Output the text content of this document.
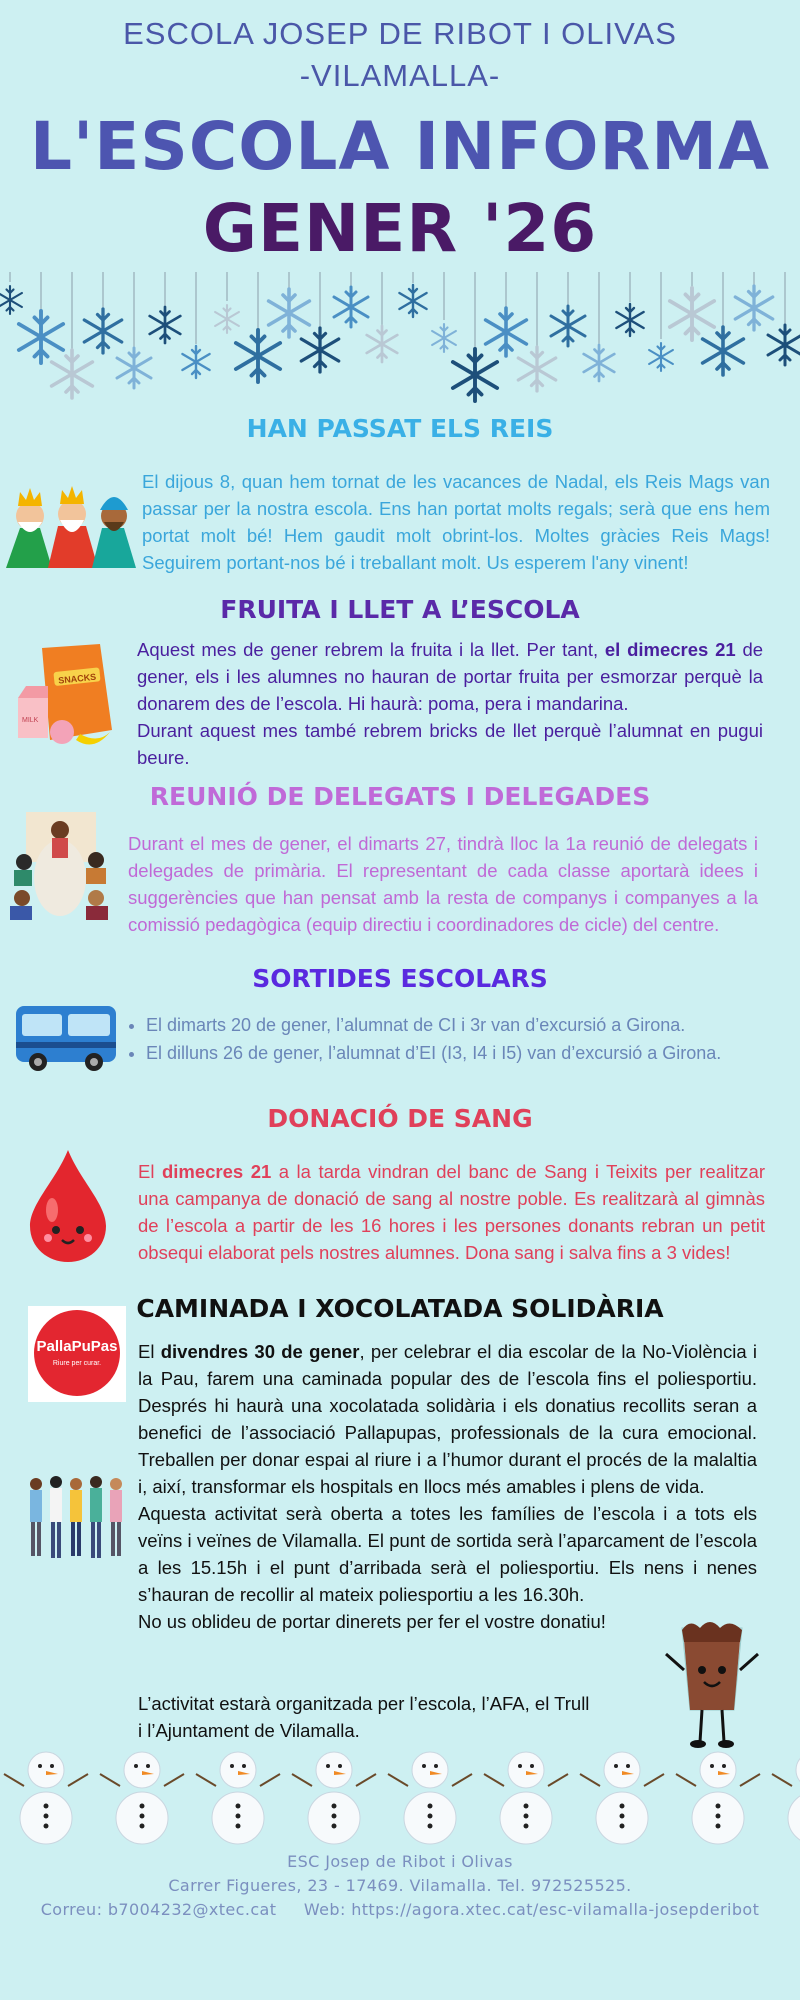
ESCOLA JOSEP DE RIBOT I OLIVAS
-VILAMALLA-
L'ESCOLA INFORMA
GENER '26
HAN PASSAT ELS REIS
El dijous 8, quan hem tornat de les vacances de Nadal, els Reis Mags van passar per la nostra escola. Ens han portat molts regals; serà que ens hem portat molt bé! Hem gaudit molt obrint-los. Moltes gràcies Reis Mags! Seguirem portant-nos bé i treballant molt. Us esperem l'any vinent!
FRUITA I LLET A L’ESCOLA
SNACKS
MILK
Aquest mes de gener rebrem la fruita i la llet. Per tant, el dimecres 21 de gener, els i les alumnes no hauran de portar fruita per esmorzar perquè la donarem des de l’escola. Hi haurà: poma, pera i mandarina.
Durant aquest mes també rebrem bricks de llet perquè l’alumnat en pugui beure.
REUNIÓ DE DELEGATS I DELEGADES
Durant el mes de gener, el dimarts 27, tindrà lloc la 1a reunió de delegats i delegades de primària. El representant de cada classe aportarà idees i suggerències que han pensat amb la resta de companys i companyes a la comissió pedagògica (equip directiu i coordinadores de cicle) del centre.
SORTIDES ESCOLARS
• El dimarts 20 de gener, l’alumnat de CI i 3r van d’excursió a Girona.
• El dilluns 26 de gener, l’alumnat d’EI (I3, I4 i I5) van d’excursió a Girona.
DONACIÓ DE SANG
El dimecres 21 a la tarda vindran del banc de Sang i Teixits per realitzar una campanya de donació de sang al nostre poble. Es realitzarà al gimnàs de l’escola a partir de les 16 hores i les persones donants rebran un petit obsequi elaborat pels nostres alumnes. Dona sang i salva fins a 3 vides!
CAMINADA I XOCOLATADA SOLIDÀRIA
PallaPuPas
Riure per curar.
El divendres 30 de gener, per celebrar el dia escolar de la No-Violència i la Pau, farem una caminada popular des de l’escola fins el poliesportiu. Després hi haurà una xocolatada solidària i els donatius recollits seran a benefici de l’associació Pallapupas, professionals de la cura emocional. Treballen per donar espai al riure i a l’humor durant el procés de la malaltia i, així, transformar els hospitals en llocs més amables i plens de vida.
Aquesta activitat serà oberta a totes les famílies de l’escola i a tots els veïns i veïnes de Vilamalla. El punt de sortida serà l’aparcament de l’escola a les 15.15h i el punt d’arribada serà el poliesportiu. Els nens i nenes s’hauran de recollir al mateix poliesportiu a les 16.30h.
No us oblideu de portar dinerets per fer el vostre donatiu!
L’activitat estarà organitzada per l’escola, l’AFA, el Trull
i l’Ajuntament de Vilamalla.
ESC Josep de Ribot i Olivas
Carrer Figueres, 23 - 17469. Vilamalla. Tel. 972525525.
Correu: b7004232@xtec.cat Web: https://agora.xtec.cat/esc-vilamalla-josepderibot
